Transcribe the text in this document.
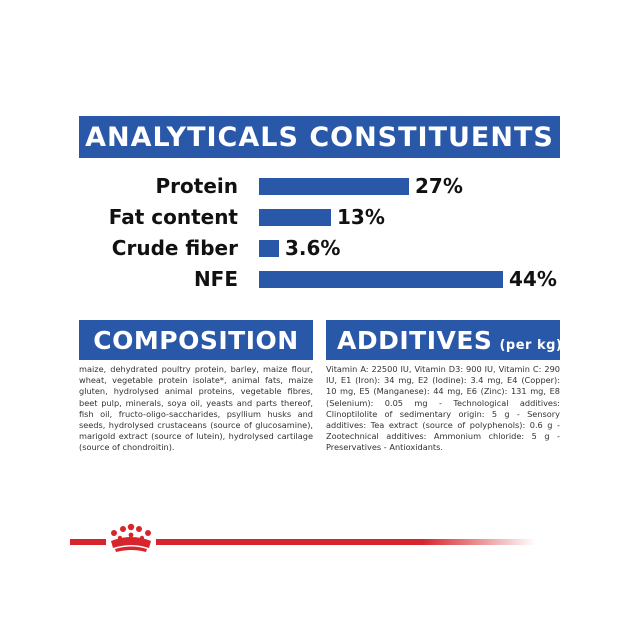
ANALYTICALS CONSTITUENTS
Protein	27%
Fat content	13%
Crude fiber 3.6%
NFE	44%
COMPOSITION

maize, dehydrated poultry protein, barley, maize flour, wheat, vegetable protein isolate*, animal fats, maize gluten, hydrolysed animal proteins, vegetable fibres, beet pulp, minerals, soya oil, yeasts and parts thereof, fish oil, fructo-oligo-saccharides, psyllium husks and seeds, hydrolysed crustaceans (source of glucosamine), marigold extract (source of lutein), hydrolysed cartilage (source of chondroitin).

ADDITIVES (per kg)

Vitamin A: 22500 IU, Vitamin D3: 900 IU, Vitamin C: 290 IU, E1 (Iron): 34 mg, E2 (Iodine): 3.4 mg, E4 (Copper): 10 mg, E5 (Manganese): 44 mg, E6 (Zinc): 131 mg, E8 (Selenium): 0.05 mg - Technological additives: Clinoptilolite of sedimentary origin: 5 g - Sensory additives: Tea extract (source of polyphenols): 0.6 g - Zootechnical additives: Ammonium chloride: 5 g - Preservatives - Antioxidants.
